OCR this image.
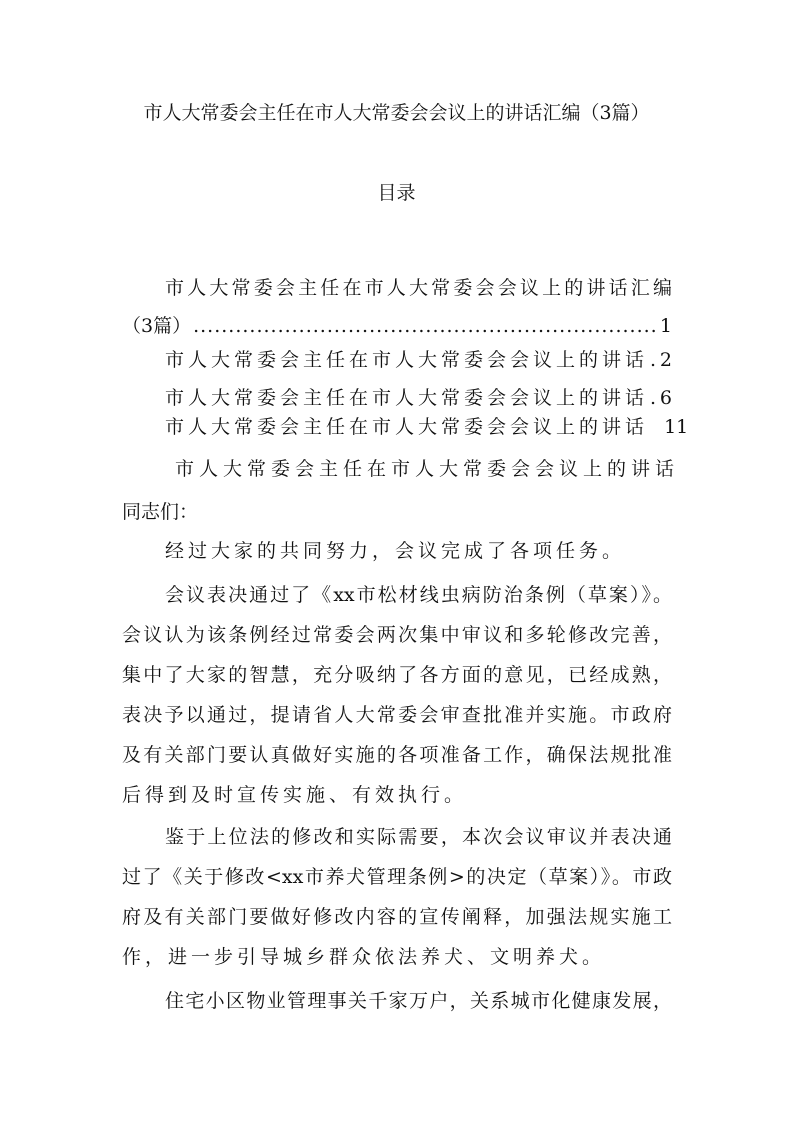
市人大常委会主任在市人大常委会会议上的讲话汇编（3篇）
目录
市人大常委会主任在市人大常委会会议上的讲话汇编
（3篇） .....	1
市人大常委会主任在市人大常委会会议上的讲话 ..... 2
市人大常委会主任在市人大常委会会议上的讲话 ..... 6
市人大常委会主任在市人大常委会会议上的讲话 11
市人大常委会主任在市人大常委会会议上的讲话
同志们：
经过大家的共同努力，会议完成了各项任务。
会议表决通过了《xx市松材线虫病防治条例（草案）》。
会议认为该条例经过常委会两次集中审议和多轮修改完善，
集中了大家的智慧，充分吸纳了各方面的意见，已经成熟，
表决予以通过，提请省人大常委会审查批准并实施。市政府
及有关部门要认真做好实施的各项准备工作，确保法规批准
后得到及时宣传实施、有效执行。
鉴于上位法的修改和实际需要，本次会议审议并表决通
过了《关于修改<xx市养犬管理条例>的决定（草案）》。市政
府及有关部门要做好修改内容的宣传阐释，加强法规实施工
作，进一步引导城乡群众依法养犬、文明养犬。
住宅小区物业管理事关千家万户，关系城市化健康发展，
